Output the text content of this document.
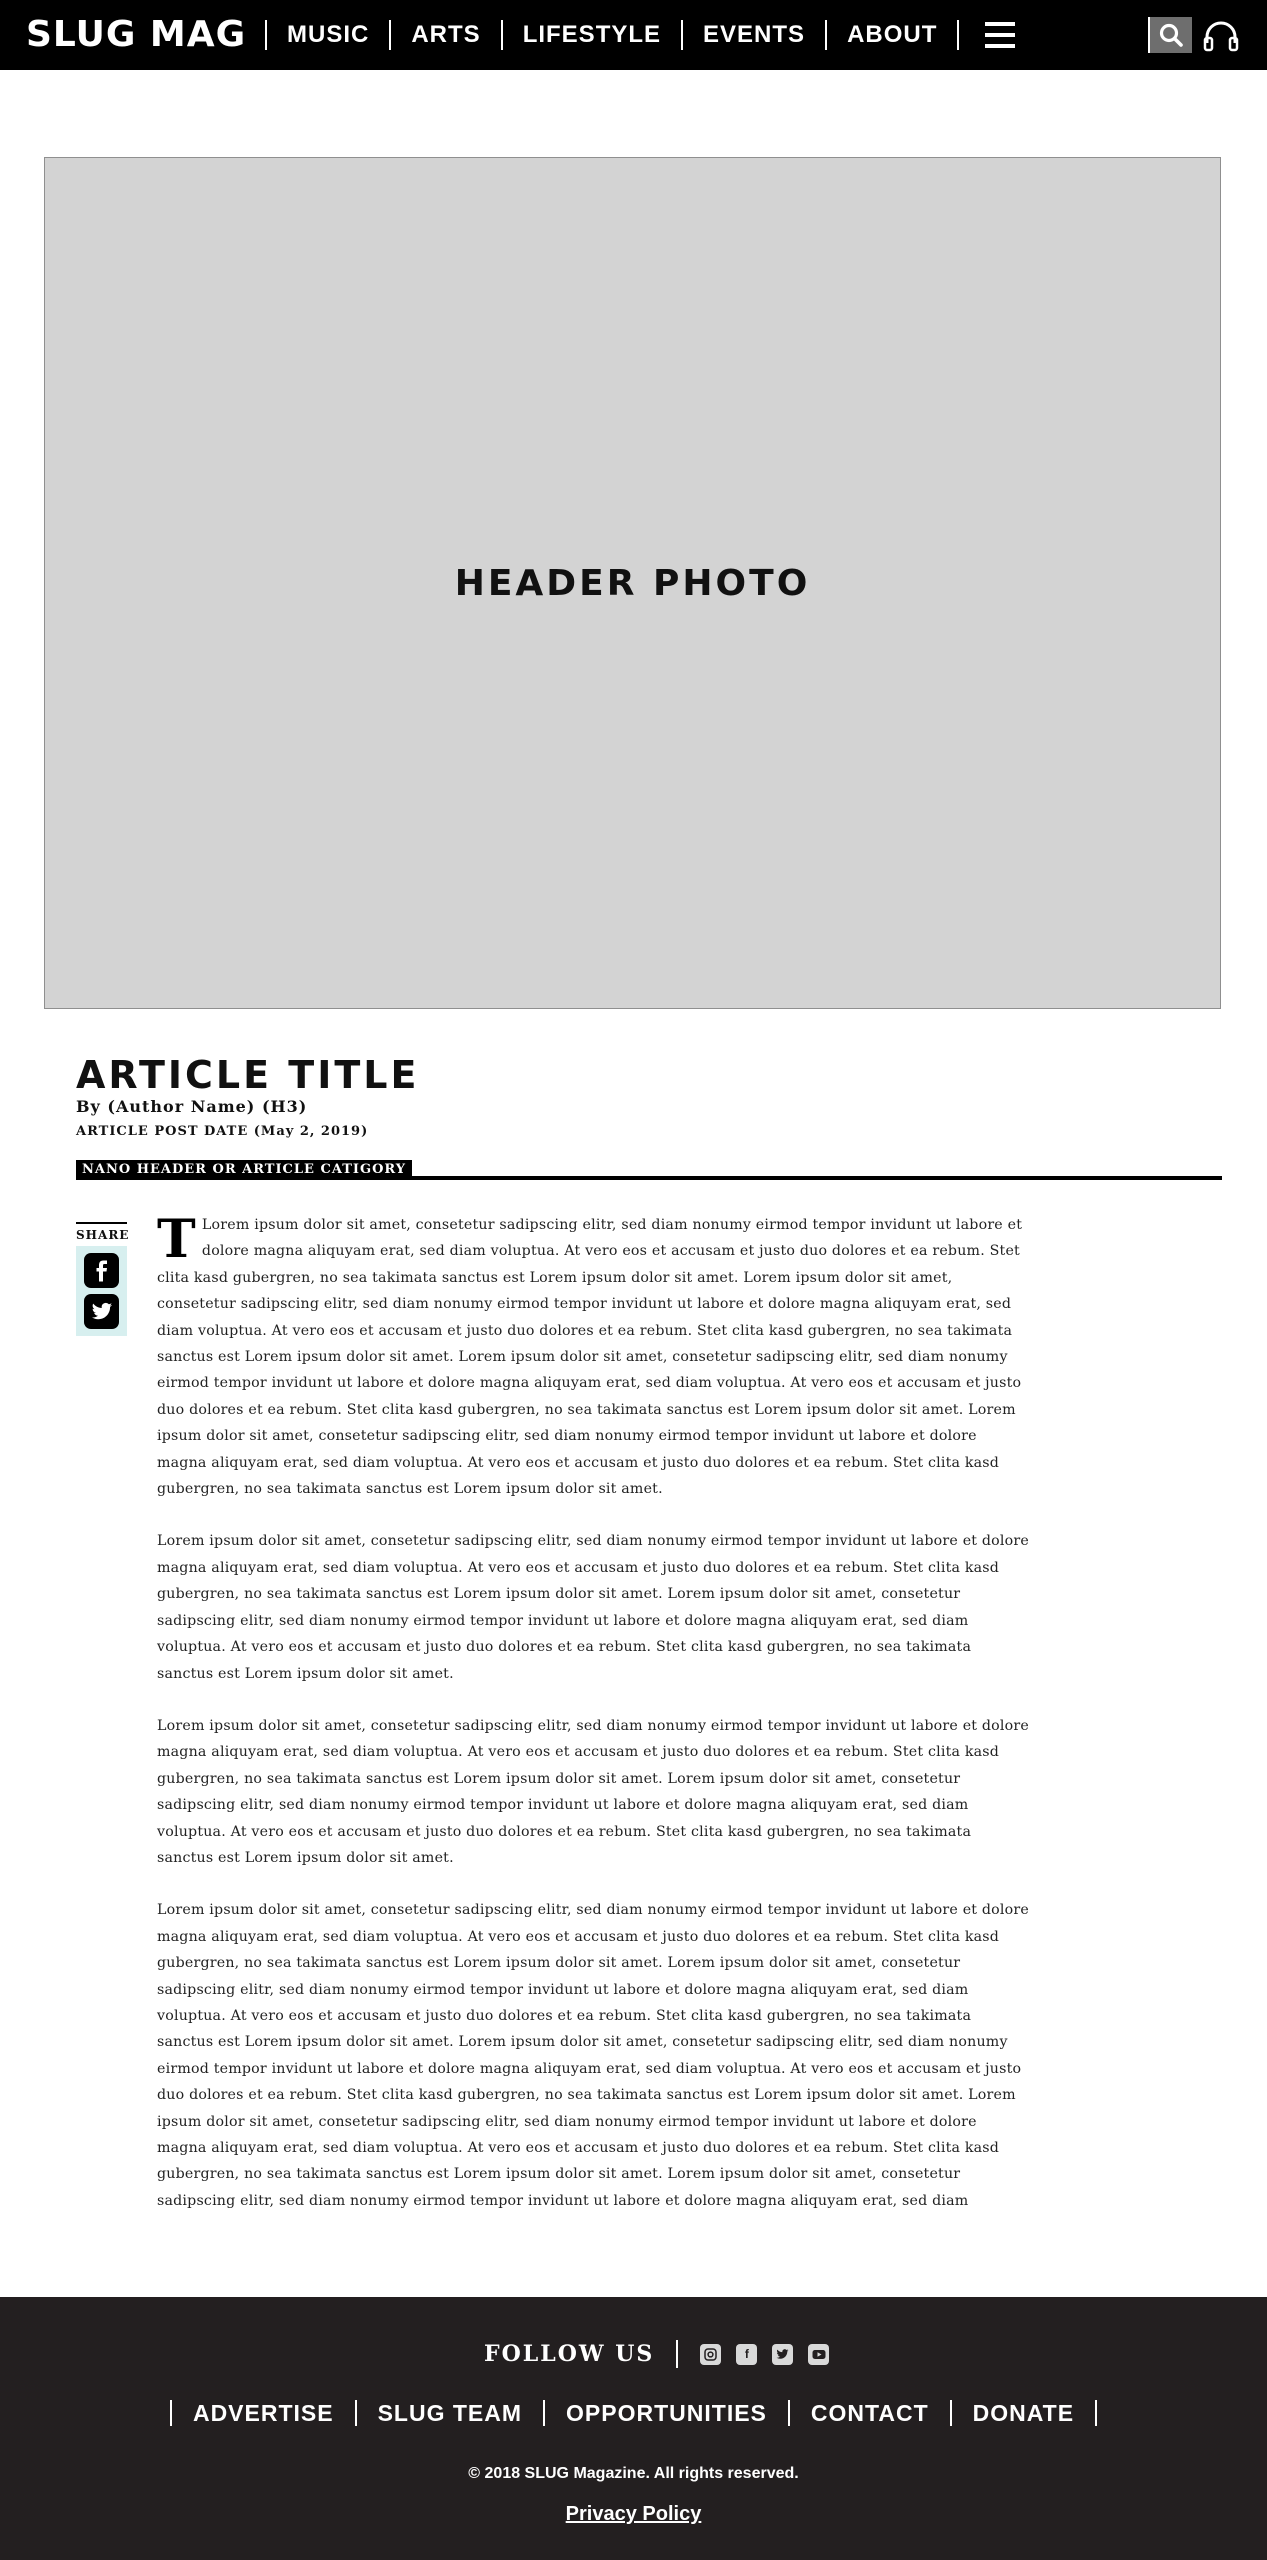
SLUG MAG	MUSIC	ARTS	LIFESTYLE	EVENTS	ABOUT
HEADER PHOTO
ARTICLE TITLE
By (Author Name) (H3)
ARTICLE POST DATE (May 2, 2019)
NANO HEADER OR ARTICLE CATIGORY
SHARE T Lorem ipsum dolor sit amet, consetetur sadipscing elitr, sed diam nonumy eirmod tempor invidunt ut labore et dolore magna aliquyam erat, sed diam voluptua. At vero eos et accusam et justo duo dolores et ea rebum. Stet clita kasd gubergren, no sea takimata sanctus est Lorem ipsum dolor sit amet. Lorem ipsum dolor sit amet, consetetur sadipscing elitr, sed diam nonumy eirmod tempor invidunt ut labore et dolore magna aliquyam erat, sed diam voluptua. At vero eos et accusam et justo duo dolores et ea rebum. Stet clita kasd gubergren, no sea takimata sanctus est Lorem ipsum dolor sit amet. Lorem ipsum dolor sit amet, consetetur sadipscing elitr, sed diam nonumy eirmod tempor invidunt ut labore et dolore magna aliquyam erat, sed diam voluptua. At vero eos et accusam et justo duo dolores et ea rebum. Stet clita kasd gubergren, no sea takimata sanctus est Lorem ipsum dolor sit amet. Lorem ipsum dolor sit amet, consetetur sadipscing elitr, sed diam nonumy eirmod tempor invidunt ut labore et dolore magna aliquyam erat, sed diam voluptua. At vero eos et accusam et justo duo dolores et ea rebum. Stet clita kasd gubergren, no sea takimata sanctus est Lorem ipsum dolor sit amet.

Lorem ipsum dolor sit amet, consetetur sadipscing elitr, sed diam nonumy eirmod tempor invidunt ut labore et dolore magna aliquyam erat, sed diam voluptua. At vero eos et accusam et justo duo dolores et ea rebum. Stet clita kasd gubergren, no sea takimata sanctus est Lorem ipsum dolor sit amet. Lorem ipsum dolor sit amet, consetetur sadipscing elitr, sed diam nonumy eirmod tempor invidunt ut labore et dolore magna aliquyam erat, sed diam voluptua. At vero eos et accusam et justo duo dolores et ea rebum. Stet clita kasd gubergren, no sea takimata sanctus est Lorem ipsum dolor sit amet.

Lorem ipsum dolor sit amet, consetetur sadipscing elitr, sed diam nonumy eirmod tempor invidunt ut labore et dolore magna aliquyam erat, sed diam voluptua. At vero eos et accusam et justo duo dolores et ea rebum. Stet clita kasd gubergren, no sea takimata sanctus est Lorem ipsum dolor sit amet. Lorem ipsum dolor sit amet, consetetur sadipscing elitr, sed diam nonumy eirmod tempor invidunt ut labore et dolore magna aliquyam erat, sed diam voluptua. At vero eos et accusam et justo duo dolores et ea rebum. Stet clita kasd gubergren, no sea takimata sanctus est Lorem ipsum dolor sit amet.

Lorem ipsum dolor sit amet, consetetur sadipscing elitr, sed diam nonumy eirmod tempor invidunt ut labore et dolore magna aliquyam erat, sed diam voluptua. At vero eos et accusam et justo duo dolores et ea rebum. Stet clita kasd gubergren, no sea takimata sanctus est Lorem ipsum dolor sit amet. Lorem ipsum dolor sit amet, consetetur sadipscing elitr, sed diam nonumy eirmod tempor invidunt ut labore et dolore magna aliquyam erat, sed diam voluptua. At vero eos et accusam et justo duo dolores et ea rebum. Stet clita kasd gubergren, no sea takimata sanctus est Lorem ipsum dolor sit amet. Lorem ipsum dolor sit amet, consetetur sadipscing elitr, sed diam nonumy eirmod tempor invidunt ut labore et dolore magna aliquyam erat, sed diam voluptua. At vero eos et accusam et justo duo dolores et ea rebum. Stet clita kasd gubergren, no sea takimata sanctus est Lorem ipsum dolor sit amet. Lorem ipsum dolor sit amet, consetetur sadipscing elitr, sed diam nonumy eirmod tempor invidunt ut labore et dolore magna aliquyam erat, sed diam voluptua. At vero eos et accusam et justo duo dolores et ea rebum. Stet clita kasd gubergren, no sea takimata sanctus est Lorem ipsum dolor sit amet. Lorem ipsum dolor sit amet, consetetur sadipscing elitr, sed diam nonumy eirmod tempor invidunt ut labore et dolore magna aliquyam erat, sed diam

FOLLOW US	f
ADVERTISE	SLUG TEAM	OPPORTUNITIES	CONTACT	DONATE
© 2018 SLUG Magazine. All rights reserved.
Privacy Policy
